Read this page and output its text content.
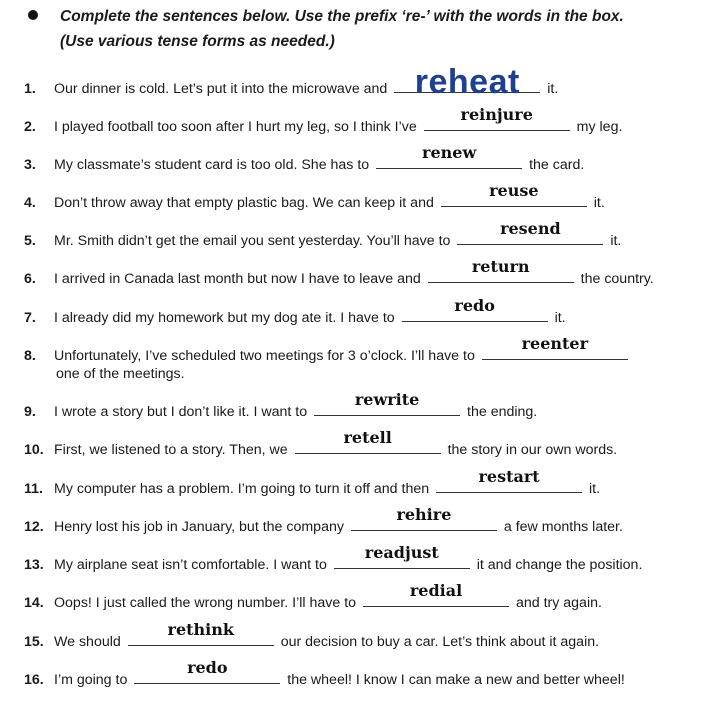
Complete the sentences below. Use the prefix ‘re-’ with the words in the box.
(Use various tense forms as needed.)
1. Our dinner is cold. Let’s put it into the microwave and reheat	it.
2. I played football too soon after I hurt my leg, so I think I’ve
reinjure
my leg.
3. My classmate’s student card is too old. She has to
renew
the card.
4. Don’t throw away that empty plastic bag. We can keep it and
reuse
it.
5. Mr. Smith didn’t get the email you sent yesterday. You’ll have to
resend
it.
6. I arrived in Canada last month but now I have to leave and
return
the country.
7. I already did my homework but my dog ate it. I have to
redo
it.
8. Unfortunately, I’ve scheduled two meetings for 3 o’clock. I’ll have to
reenter
one of the meetings.
9. I wrote a story but I don’t like it. I want to
rewrite
the ending.
10. First, we listened to a story. Then, we
retell
the story in our own words.
11. My computer has a problem. I’m going to turn it off and then
restart
it.
12. Henry lost his job in January, but the company
rehire
a few months later.
13. My airplane seat isn’t comfortable. I want to
readjust
it and change the position.
14. Oops! I just called the wrong number. I’ll have to
redial
and try again.
15. We should
rethink
our decision to buy a car. Let’s think about it again.
16. I’m going to
redo
the wheel! I know I can make a new and better wheel!
